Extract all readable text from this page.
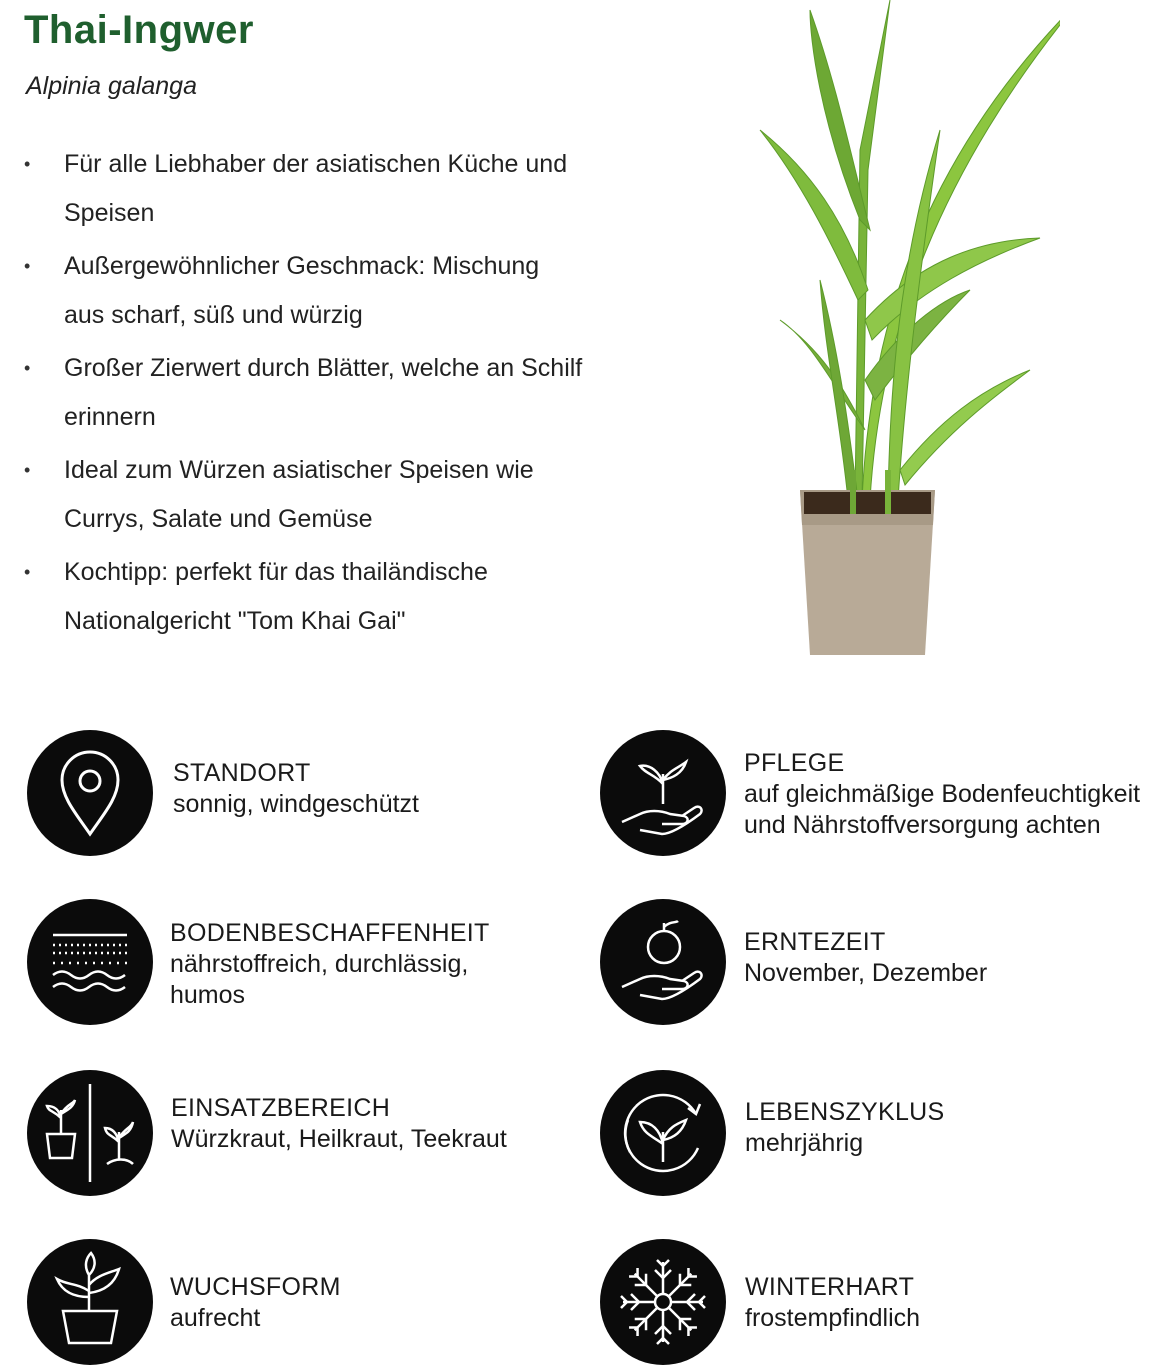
Thai-Ingwer
Alpinia galanga
• Für alle Liebhaber der asiatischen Küche und Speisen
• Außergewöhnlicher Geschmack: Mischung aus scharf, süß und würzig
• Großer Zierwert durch Blätter, welche an Schilf erinnern
• Ideal zum Würzen asiatischer Speisen wie Currys, Salate und Gemüse
• Kochtipp: perfekt für das thailändische Nationalgericht "Tom Khai Gai"
STANDORT
sonnig, windgeschützt
BODENBESCHAFFENHEIT
nährstoffreich, durchlässig,
humos
EINSATZBEREICH
Würzkraut, Heilkraut, Teekraut
WUCHSFORM
aufrecht
PFLEGE
auf gleichmäßige Bodenfeuchtigkeit
und Nährstoffversorgung achten
ERNTEZEIT
November, Dezember
LEBENSZYKLUS
mehrjährig
WINTERHART
frostempfindlich
